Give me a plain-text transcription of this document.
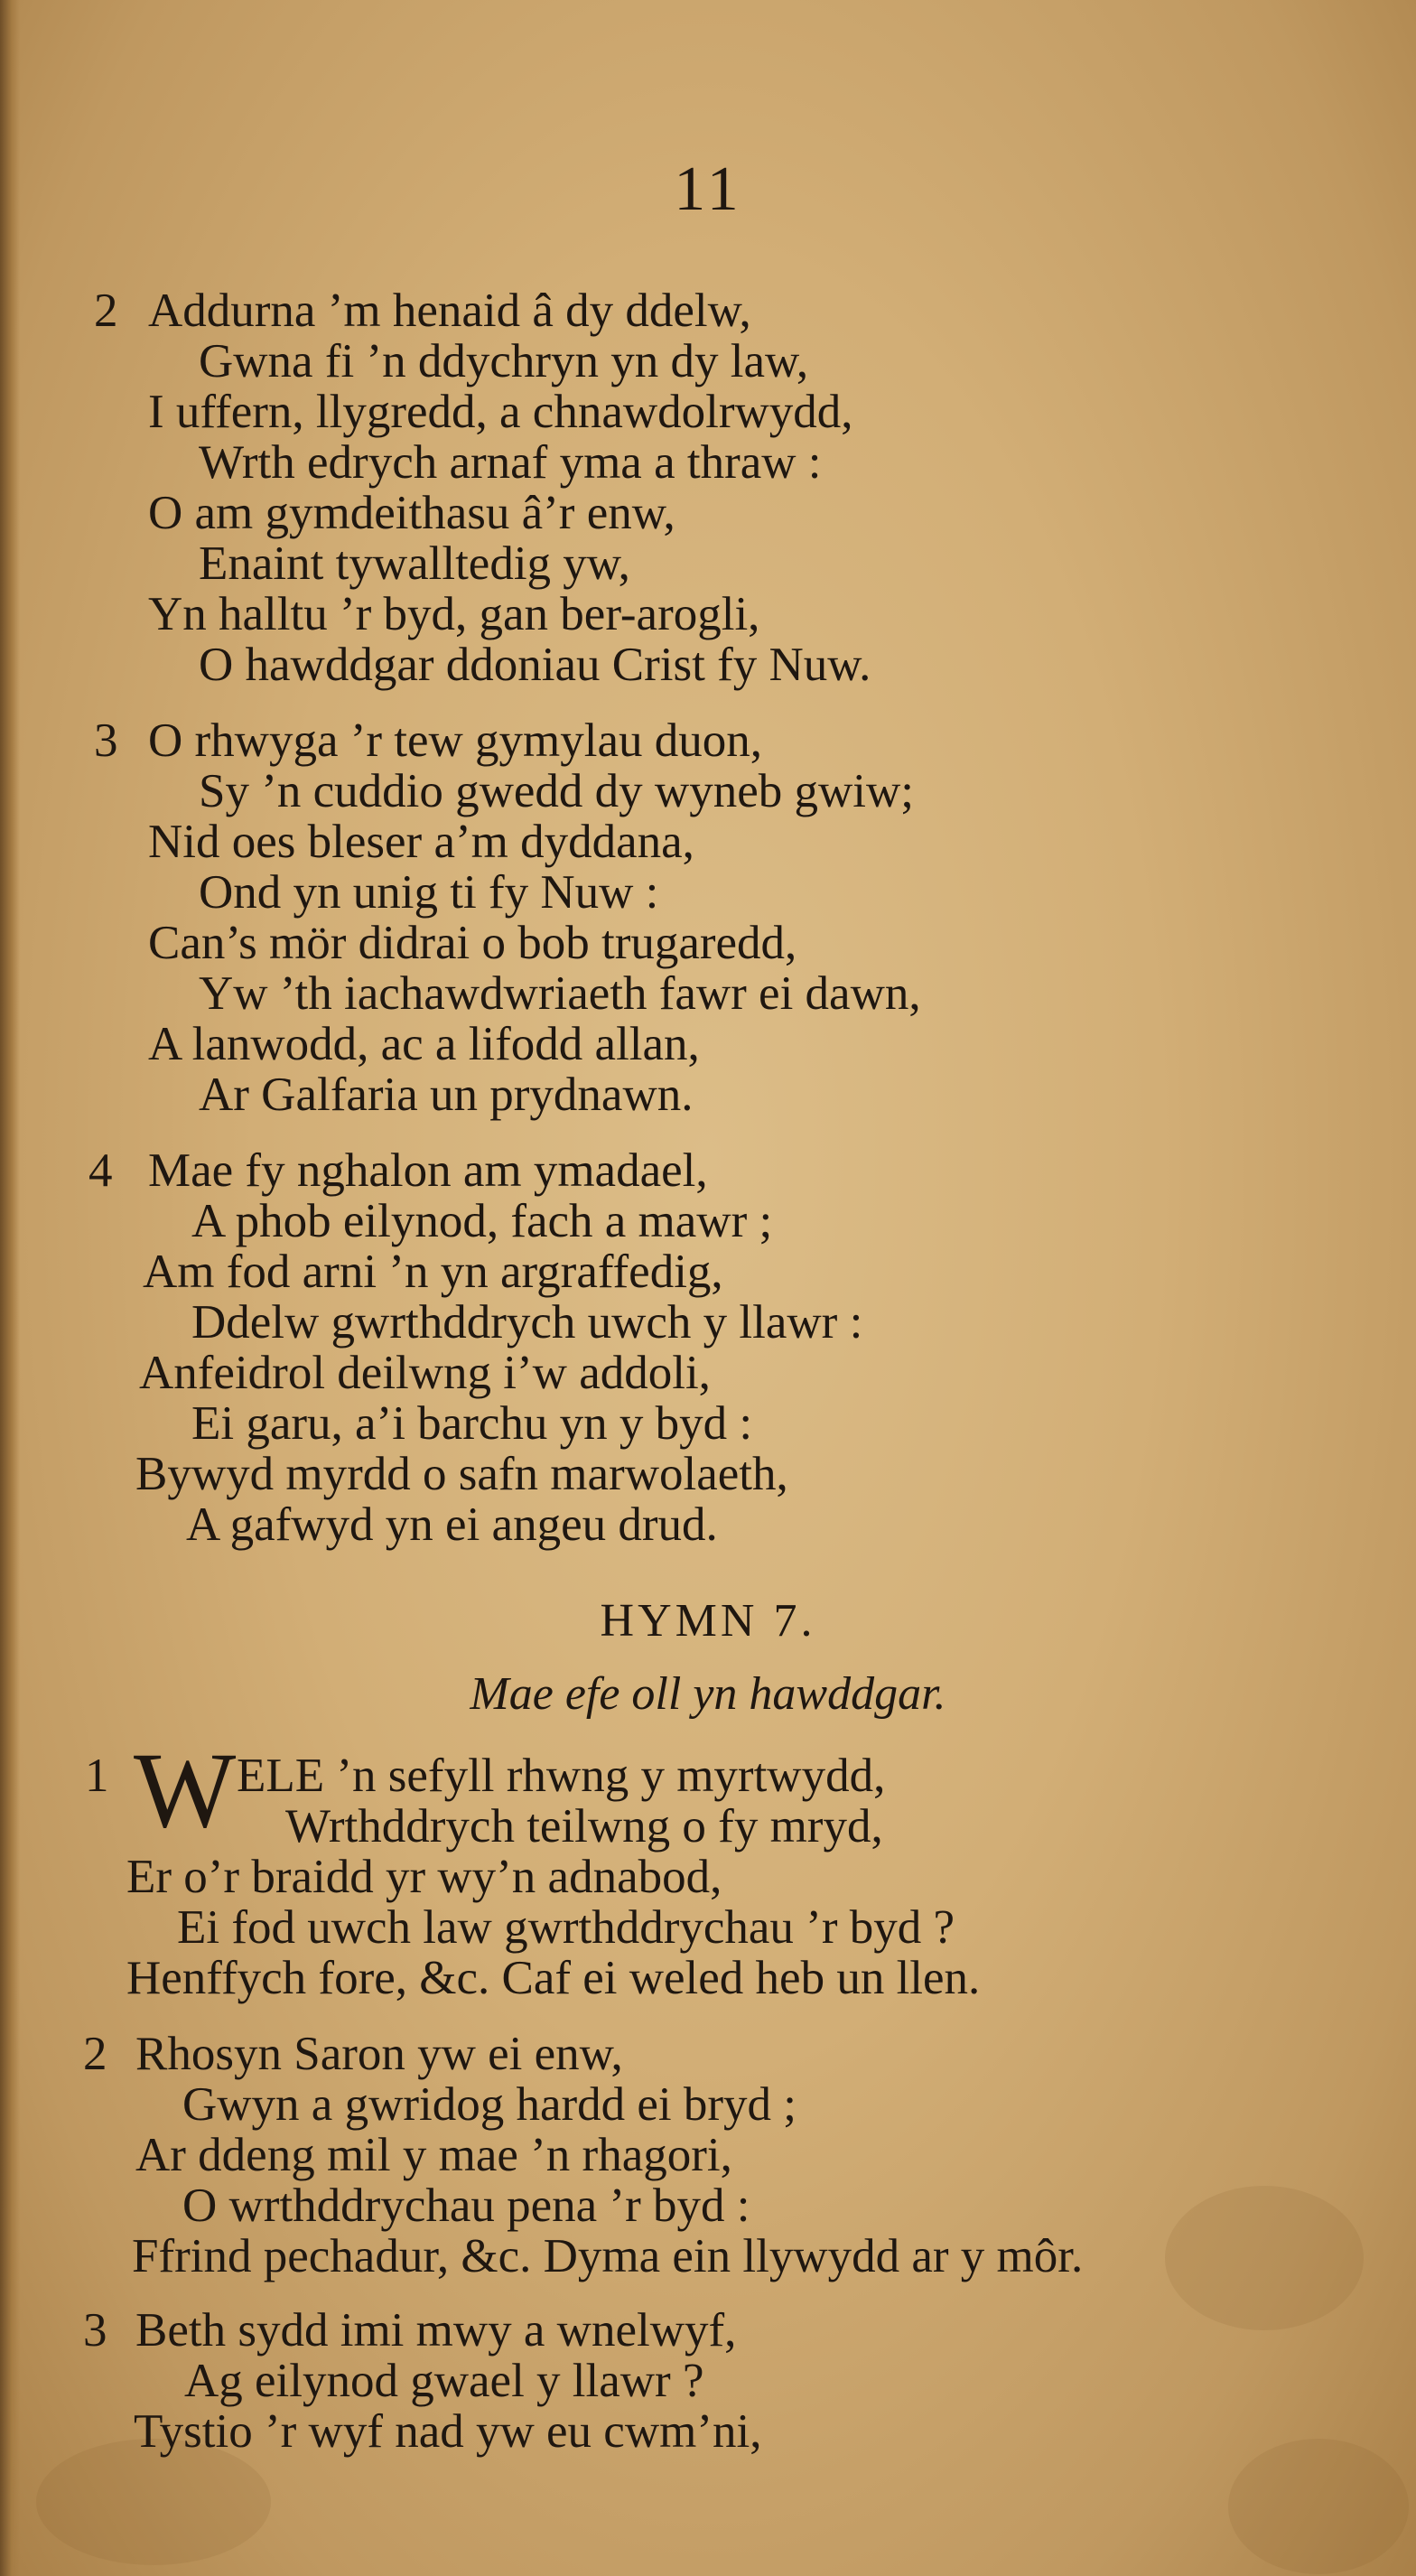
11
2 Addurna ’m henaid â dy ddelw,
Gwna fi ’n ddychryn yn dy law,
I uffern, llygredd, a chnawdolrwydd,
Wrth edrych arnaf yma a thraw :
O am gymdeithasu â’r enw,
Enaint tywalltedig yw,
Yn halltu ’r byd, gan ber-arogli,
O hawddgar ddoniau Crist fy Nuw.
3 O rhwyga ’r tew gymylau duon,
Sy ’n cuddio gwedd dy wyneb gwiw;
Nid oes bleser a’m dyddana,
Ond yn unig ti fy Nuw :
Can’s mör didrai o bob trugaredd,
Yw ’th iachawdwriaeth fawr ei dawn,
A lanwodd, ac a lifodd allan,
Ar Galfaria un prydnawn.
4 Mae fy nghalon am ymadael,
A phob eilynod, fach a mawr ;
Am fod arni ’n yn argraffedig,
Ddelw gwrthddrych uwch y llawr :
Anfeidrol deilwng i’w addoli,
Ei garu, a’i barchu yn y byd :
Bywyd myrdd o safn marwolaeth,
A gafwyd yn ei angeu drud.
HYMN 7.
Mae efe oll yn hawddgar.
1 W ELE ’n sefyll rhwng y myrtwydd,
Wrthddrych teilwng o fy mryd,
Er o’r braidd yr wy’n adnabod,
Ei fod uwch law gwrthddrychau ’r byd ?
Henffych fore, &c. Caf ei weled heb un llen.
2 Rhosyn Saron yw ei enw,
Gwyn a gwridog hardd ei bryd ;
Ar ddeng mil y mae ’n rhagori,
O wrthddrychau pena ’r byd :
Ffrind pechadur, &c. Dyma ein llywydd ar y môr.
3 Beth sydd imi mwy a wnelwyf,
Ag eilynod gwael y llawr ?
Tystio ’r wyf nad yw eu cwm’ni,
